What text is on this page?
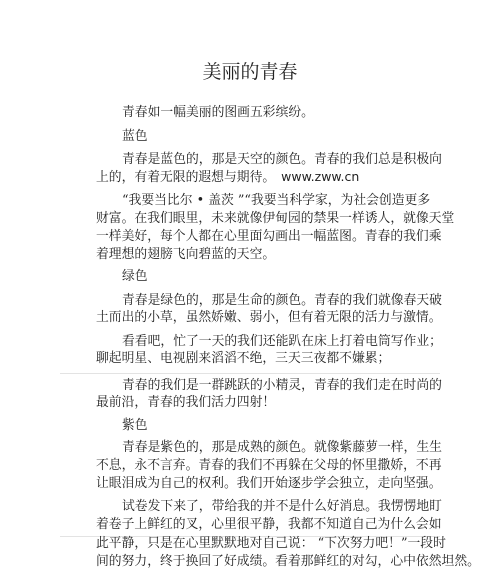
美丽的青春
青春如一幅美丽的图画五彩缤纷。
蓝色
青春是蓝色的，那是天空的颜色。青春的我们总是积极向
上的，有着无限的遐想与期待。 www.zww.cn
“我要当比尔 • 盖茨 ”“我要当科学家，为社会创造更多
财富。在我们眼里，未来就像伊甸园的禁果一样诱人，就像天堂
一样美好，每个人都在心里面勾画出一幅蓝图。青春的我们乘
着理想的翅膀飞向碧蓝的天空。
绿色
青春是绿色的，那是生命的颜色。青春的我们就像春天破
土而出的小草，虽然娇嫩、弱小，但有着无限的活力与激情。
看看吧，忙了一天的我们还能趴在床上打着电筒写作业；
聊起明星、电视剧来滔滔不绝，三天三夜都不嫌累；
青春的我们是一群跳跃的小精灵，青春的我们走在时尚的
最前沿，青春的我们活力四射！
紫色
青春是紫色的，那是成熟的颜色。就像紫藤萝一样，生生
不息，永不言弃。青春的我们不再躲在父母的怀里撒娇，不再
让眼泪成为自己的权利。我们开始逐步学会独立，走向坚强。
试卷发下来了，带给我的并不是什么好消息。我愣愣地盯
着卷子上鲜红的叉，心里很平静，我都不知道自己为什么会如
此平静，只是在心里默默地对自己说： “下次努力吧！”一段时
间的努力，终于换回了好成绩。看着那鲜红的对勾，心中依然坦然。
